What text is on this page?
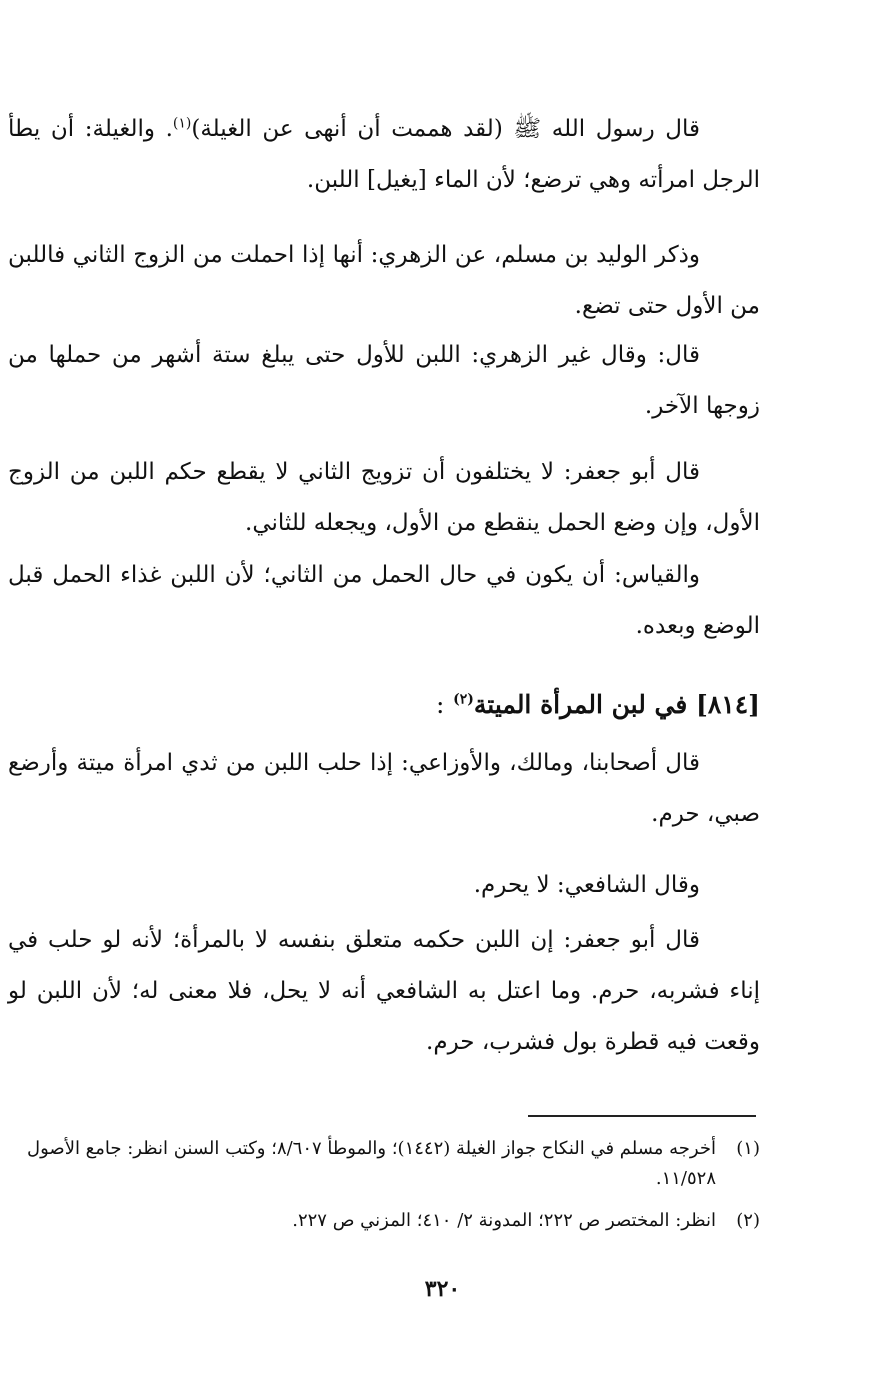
قال رسول الله ﷺ (لقد هممت أن أنهى عن الغيلة)$^{(١)}$. والغيلة: أن يطأ الرجل امرأته وهي ترضع؛ لأن الماء [يغيل] اللبن.

وذكر الوليد بن مسلم، عن الزهري: أنها إذا احملت من الزوج الثاني فاللبن من الأول حتى تضع.

قال: وقال غير الزهري: اللبن للأول حتى يبلغ ستة أشهر من حملها من زوجها الآخر.

قال أبو جعفر: لا يختلفون أن تزويج الثاني لا يقطع حكم اللبن من الزوج الأول، وإن وضع الحمل ينقطع من الأول، ويجعله للثاني.

والقياس: أن يكون في حال الحمل من الثاني؛ لأن اللبن غذاء الحمل قبل الوضع وبعده.

[٨١٤] في لبن المرأة الميتة$^{(٢)}$ :

قال أصحابنا، ومالك، والأوزاعي: إذا حلب اللبن من ثدي امرأة ميتة وأرضع صبي، حرم.

وقال الشافعي: لا يحرم.

قال أبو جعفر: إن اللبن حكمه متعلق بنفسه لا بالمرأة؛ لأنه لو حلب في إناء فشربه، حرم. وما اعتل به الشافعي أنه لا يحل، فلا معنى له؛ لأن اللبن لو وقعت فيه قطرة بول فشرب، حرم.

(١)
أخرجه مسلم في النكاح جواز الغيلة (١٤٤٢)؛ والموطأ ٨/٦٠٧؛ وكتب السنن انظر: جامع الأصول ١١/٥٢٨.

(٢)
انظر: المختصر ص ٢٢٢؛ المدونة ٢/ ٤١٠؛ المزني ص ٢٢٧.

٣٢٠
